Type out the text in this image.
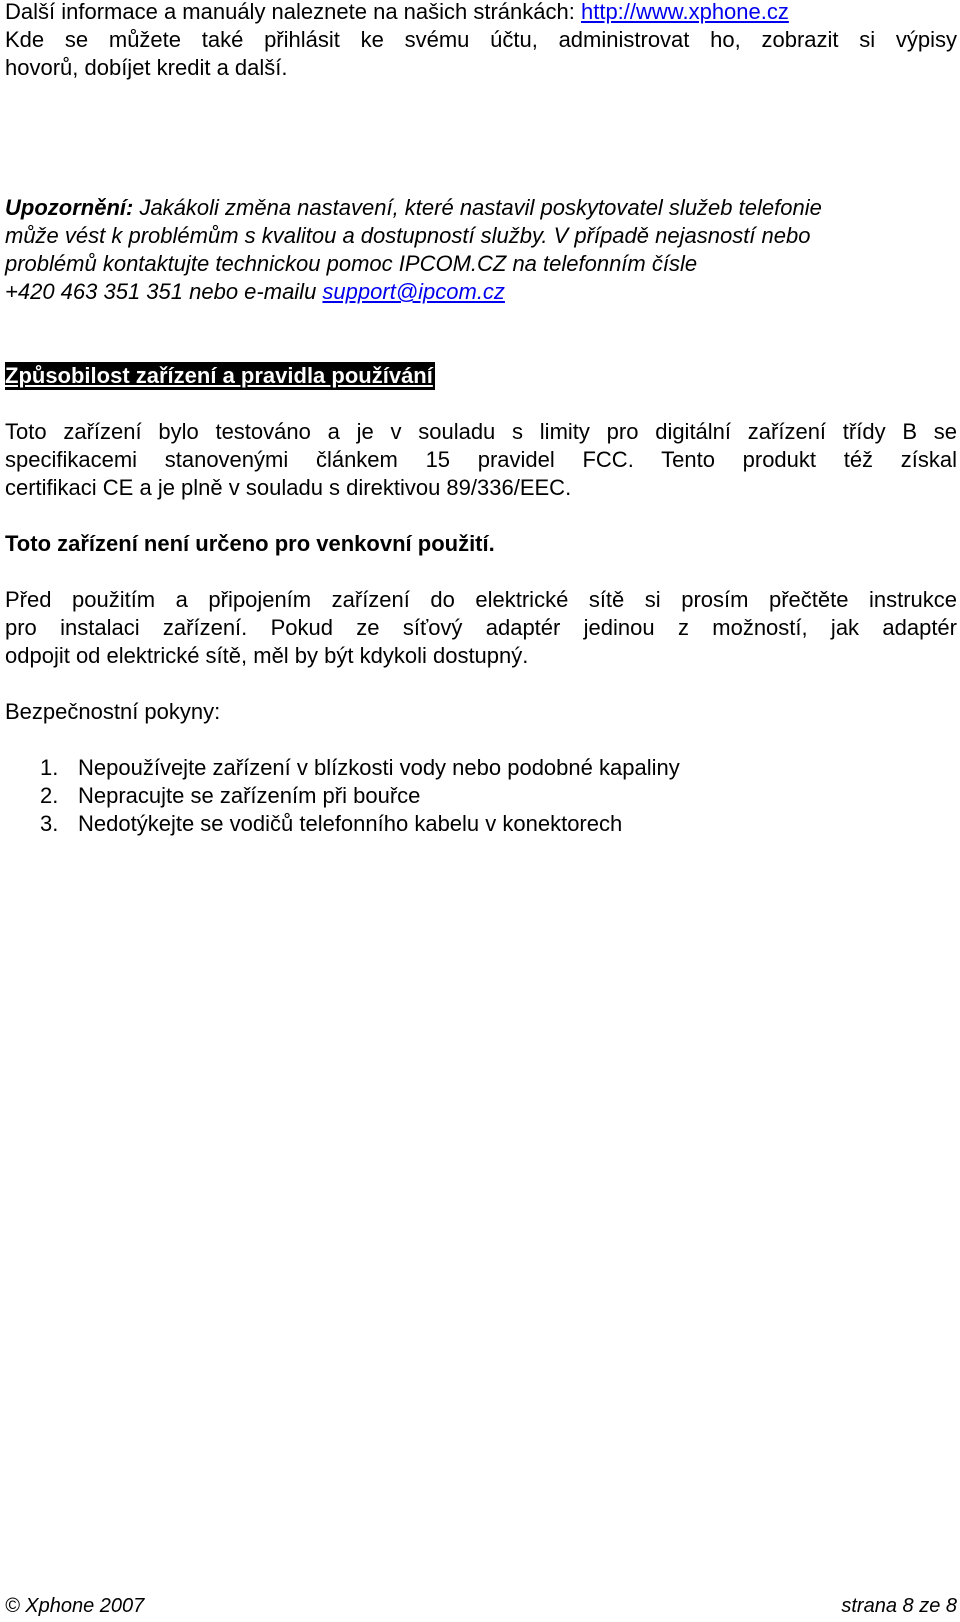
Další informace a manuály naleznete na našich stránkách: http://www.xphone.cz
Kde se můžete také přihlásit ke svému účtu, administrovat ho, zobrazit si výpisy
hovorů, dobíjet kredit a další.
Upozornění: Jakákoli změna nastavení, které nastavil poskytovatel služeb telefonie
může vést k problémům s kvalitou a dostupností služby. V případě nejasností nebo
problémů kontaktujte technickou pomoc IPCOM.CZ na telefonním čísle
+420 463 351 351 nebo e-mailu support@ipcom.cz
Způsobilost zařízení a pravidla používání
Toto zařízení bylo testováno a je v souladu s limity pro digitální zařízení třídy B se
specifikacemi stanovenými článkem 15 pravidel FCC. Tento produkt též získal
certifikaci CE a je plně v souladu s direktivou 89/336/EEC.
Toto zařízení není určeno pro venkovní použití.
Před použitím a připojením zařízení do elektrické sítě si prosím přečtěte instrukce
pro instalaci zařízení. Pokud ze síťový adaptér jedinou z možností, jak adaptér
odpojit od elektrické sítě, měl by být kdykoli dostupný.
Bezpečnostní pokyny:
1. Nepoužívejte zařízení v blízkosti vody nebo podobné kapaliny
2. Nepracujte se zařízením při bouřce
3. Nedotýkejte se vodičů telefonního kabelu v konektorech
© Xphone 2007	strana 8 ze 8
